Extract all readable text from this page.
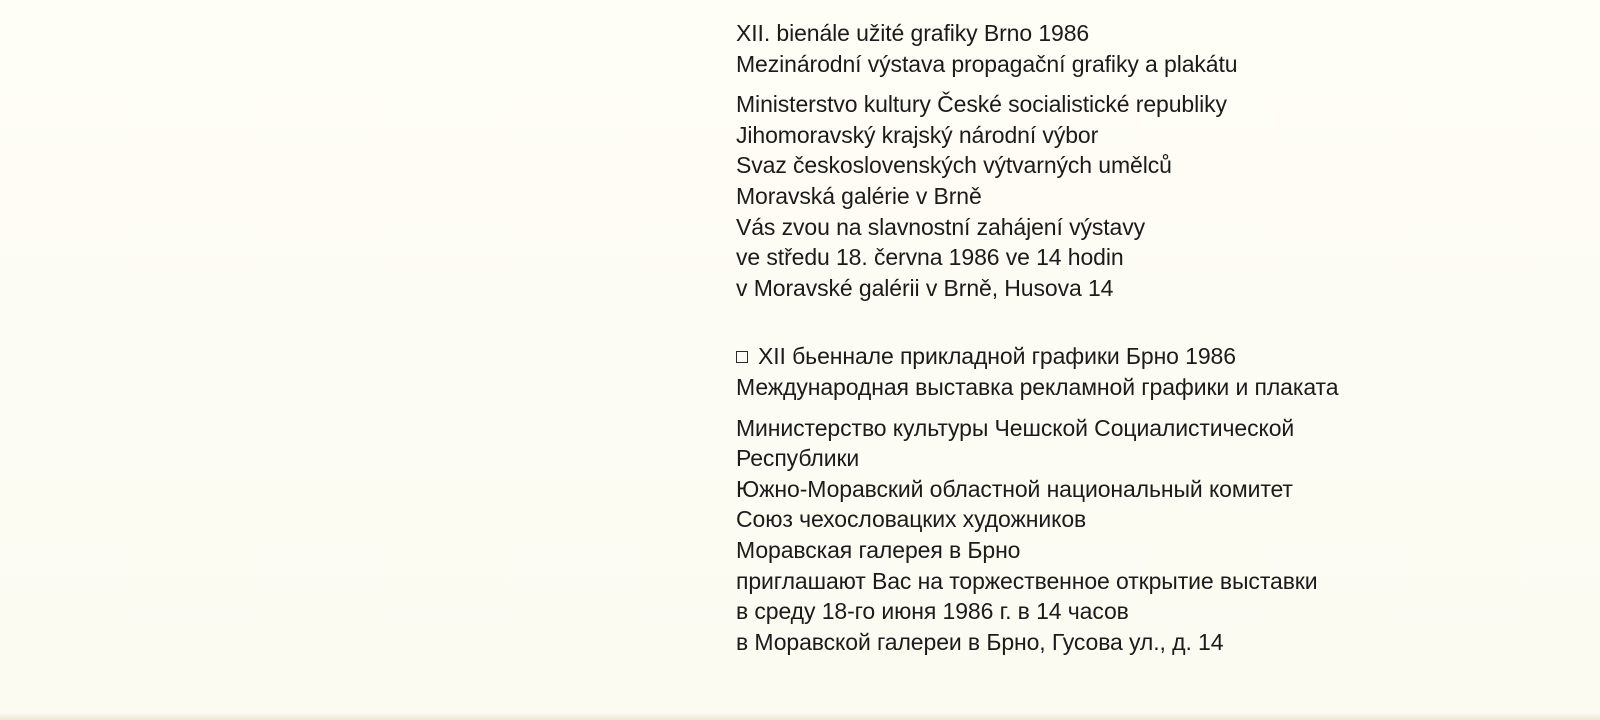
XII. bienále užité grafiky Brno 1986
Mezinárodní výstava propagační grafiky a plakátu
Ministerstvo kultury České socialistické republiky
Jihomoravský krajský národní výbor
Svaz československých výtvarných umělců
Moravská galérie v Brně
Vás zvou na slavnostní zahájení výstavy
ve středu 18. června 1986 ve 14 hodin
v Moravské galérii v Brně, Husova 14
XII бьеннале прикладной графики Брно 1986
Международная выставка рекламной графики и плаката
Министерство культуры Чешской Социалистической
Республики
Южно-Моравский областной национальный комитет
Союз чехословацких художников
Моравская галерея в Брно
приглашают Вас на торжественное открытие выставки
в среду 18-го июня 1986 г. в 14 часов
в Моравской галереи в Брно, Гусова ул., д. 14
